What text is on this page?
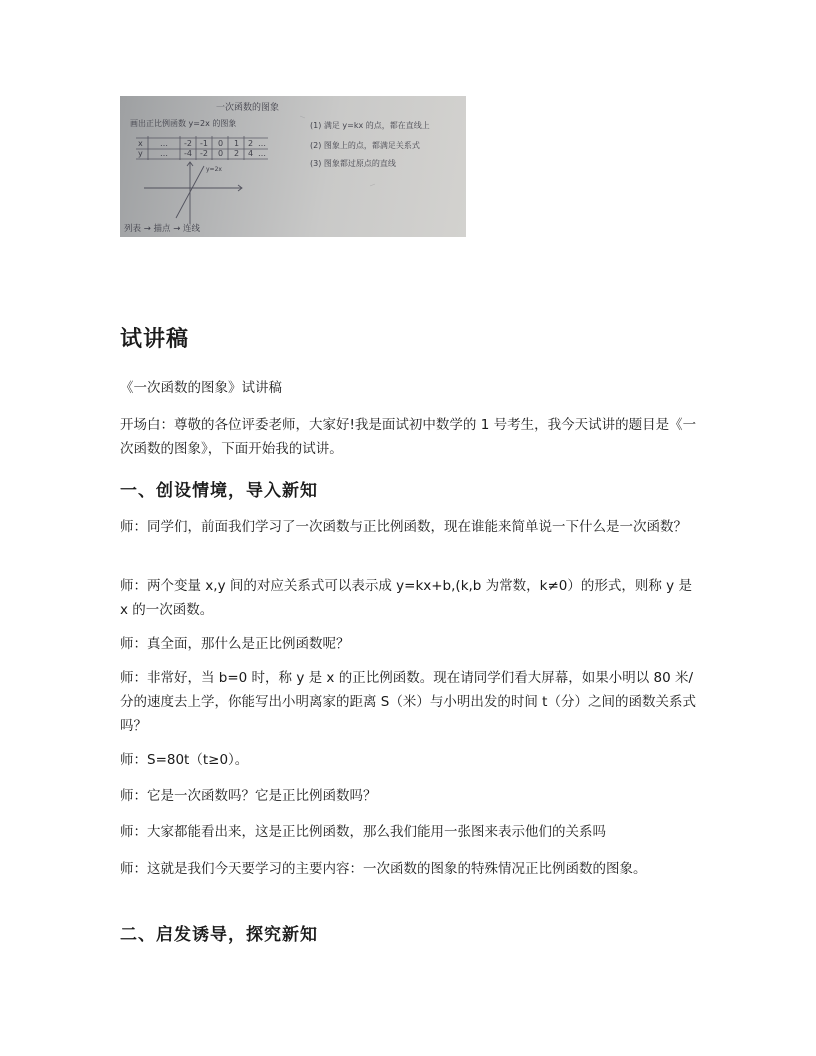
一次函数的图象
画出正比例函数 y=2x 的图象
x … -2 -1 0 1 2 …
y … -4 -2 0 2 4 …
y=2x
(1) 满足 y=kx 的点，都在直线上
(2) 图象上的点，都满足关系式
(3) 图象都过原点的直线
列表 → 描点 → 连线
试讲稿

《一次函数的图象》试讲稿

开场白：尊敬的各位评委老师，大家好!我是面试初中数学的 1 号考生，我今天试讲的题目是《一次函数的图象》，下面开始我的试讲。

一、创设情境，导入新知

师：同学们，前面我们学习了一次函数与正比例函数，现在谁能来简单说一下什么是一次函数？

师：两个变量 x,y 间的对应关系式可以表示成 y=kx+b,(k,b 为常数，k≠0）的形式，则称 y 是 x 的一次函数。

师：真全面，那什么是正比例函数呢？

师：非常好，当 b=0 时，称 y 是 x 的正比例函数。现在请同学们看大屏幕，如果小明以 80 米/分的速度去上学，你能写出小明离家的距离 S（米）与小明出发的时间 t（分）之间的函数关系式吗？

师：S=80t（t≥0）。

师：它是一次函数吗？它是正比例函数吗？

师：大家都能看出来，这是正比例函数，那么我们能用一张图来表示他们的关系吗

师：这就是我们今天要学习的主要内容：一次函数的图象的特殊情况正比例函数的图象。

二、启发诱导，探究新知
